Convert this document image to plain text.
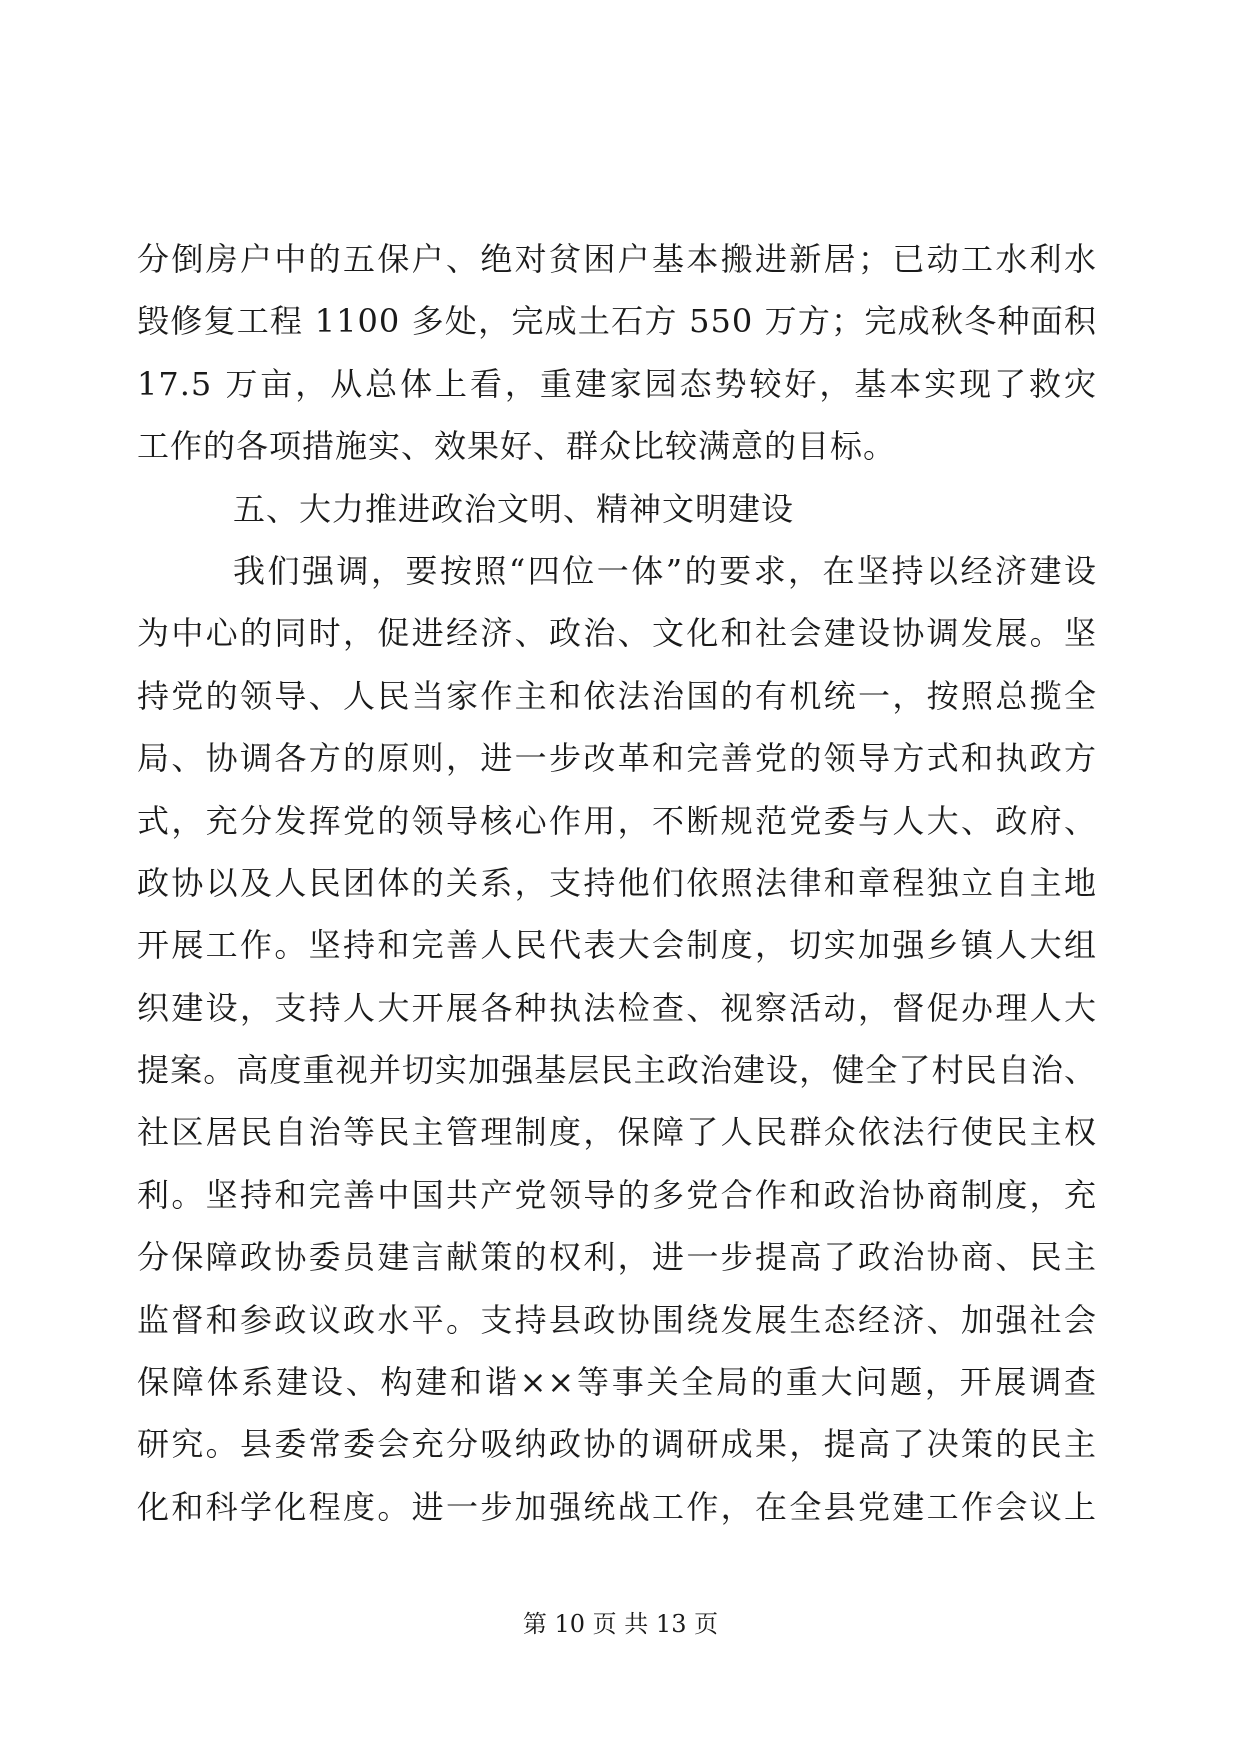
分倒房户中的五保户、绝对贫困户基本搬进新居；已动工水利水
毁修复工程 1100 多处，完成土石方 550 万方；完成秋冬种面积
17.5 万亩，从总体上看，重建家园态势较好，基本实现了救灾
工作的各项措施实、效果好、群众比较满意的目标。
五、大力推进政治文明、精神文明建设
我们强调，要按照“四位一体”的要求，在坚持以经济建设
为中心的同时，促进经济、政治、文化和社会建设协调发展。坚
持党的领导、人民当家作主和依法治国的有机统一，按照总揽全
局、协调各方的原则，进一步改革和完善党的领导方式和执政方
式，充分发挥党的领导核心作用，不断规范党委与人大、政府、
政协以及人民团体的关系，支持他们依照法律和章程独立自主地
开展工作。坚持和完善人民代表大会制度，切实加强乡镇人大组
织建设，支持人大开展各种执法检查、视察活动，督促办理人大
提案。高度重视并切实加强基层民主政治建设，健全了村民自治、
社区居民自治等民主管理制度，保障了人民群众依法行使民主权
利。坚持和完善中国共产党领导的多党合作和政治协商制度，充
分保障政协委员建言献策的权利，进一步提高了政治协商、民主
监督和参政议政水平。支持县政协围绕发展生态经济、加强社会
保障体系建设、构建和谐××等事关全局的重大问题，开展调查
研究。县委常委会充分吸纳政协的调研成果，提高了决策的民主
化和科学化程度。进一步加强统战工作，在全县党建工作会议上
第 10 页 共 13 页
